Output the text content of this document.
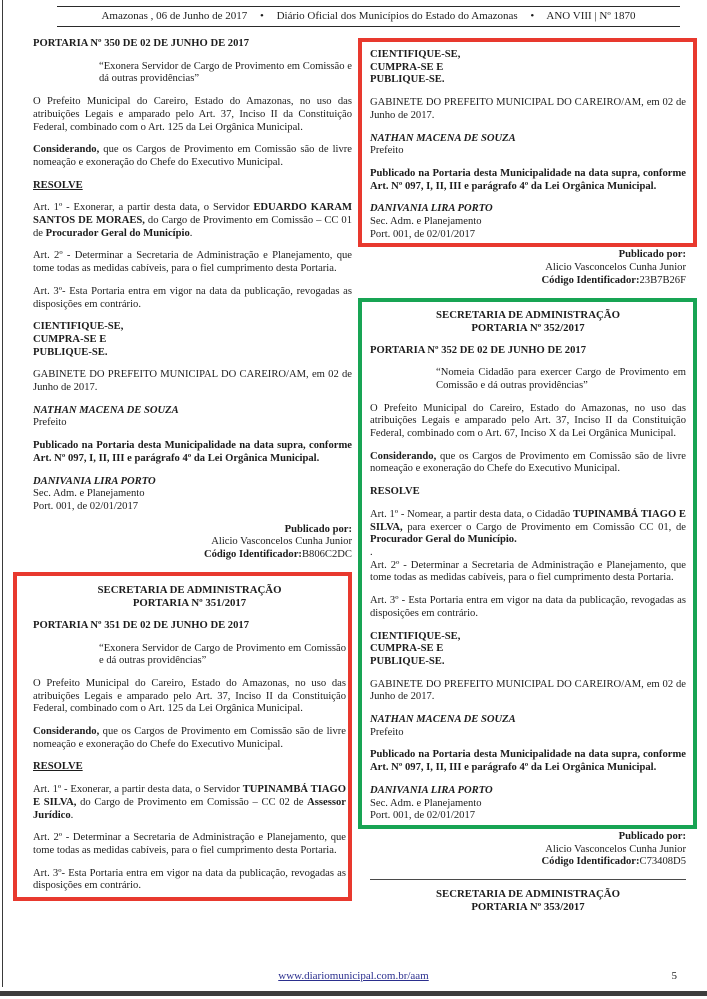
Amazonas , 06 de Junho de 2017 • Diário Oficial dos Municípios do Estado do Amazonas • ANO VIII | Nº 1870

PORTARIA Nº 350 DE 02 DE JUNHO DE 2017

“Exonera Servidor de Cargo de Provimento em Comissão e dá outras providências”

O Prefeito Municipal do Careiro, Estado do Amazonas, no uso das atribuições Legais e amparado pelo Art. 37, Inciso II da Constituição Federal, combinado com o Art. 125 da Lei Orgânica Municipal.

Considerando, que os Cargos de Provimento em Comissão são de livre nomeação e exoneração do Chefe do Executivo Municipal.

RESOLVE

Art. 1º - Exonerar, a partir desta data, o Servidor EDUARDO KARAM SANTOS DE MORAES, do Cargo de Provimento em Comissão – CC 01 de Procurador Geral do Município.

Art. 2º - Determinar a Secretaria de Administração e Planejamento, que tome todas as medidas cabíveis, para o fiel cumprimento desta Portaria.

Art. 3º- Esta Portaria entra em vigor na data da publicação, revogadas as disposições em contrário.

CIENTIFIQUE-SE,
CUMPRA-SE E
PUBLIQUE-SE.

GABINETE DO PREFEITO MUNICIPAL DO CAREIRO/AM, em 02 de Junho de 2017.

NATHAN MACENA DE SOUZA
Prefeito

Publicado na Portaria desta Municipalidade na data supra, conforme Art. Nº 097, I, II, III e parágrafo 4º da Lei Orgânica Municipal.

DANIVANIA LIRA PORTO
Sec. Adm. e Planejamento
Port. 001, de 02/01/2017
Publicado por:
Alicio Vasconcelos Cunha Junior
Código Identificador:B806C2DC
SECRETARIA DE ADMINISTRAÇÃO
PORTARIA Nº 351/2017

PORTARIA Nº 351 DE 02 DE JUNHO DE 2017

“Exonera Servidor de Cargo de Provimento em Comissão e dá outras providências”

O Prefeito Municipal do Careiro, Estado do Amazonas, no uso das atribuições Legais e amparado pelo Art. 37, Inciso II da Constituição Federal, combinado com o Art. 125 da Lei Orgânica Municipal.

Considerando, que os Cargos de Provimento em Comissão são de livre nomeação e exoneração do Chefe do Executivo Municipal.

RESOLVE

Art. 1º - Exonerar, a partir desta data, o Servidor TUPINAMBÁ TIAGO E SILVA, do Cargo de Provimento em Comissão – CC 02 de Assessor Jurídico.

Art. 2º - Determinar a Secretaria de Administração e Planejamento, que tome todas as medidas cabíveis, para o fiel cumprimento desta Portaria.

Art. 3º- Esta Portaria entra em vigor na data da publicação, revogadas as disposições em contrário.

CIENTIFIQUE-SE,
CUMPRA-SE E
PUBLIQUE-SE.

GABINETE DO PREFEITO MUNICIPAL DO CAREIRO/AM, em 02 de Junho de 2017.

NATHAN MACENA DE SOUZA
Prefeito

Publicado na Portaria desta Municipalidade na data supra, conforme Art. Nº 097, I, II, III e parágrafo 4º da Lei Orgânica Municipal.

DANIVANIA LIRA PORTO
Sec. Adm. e Planejamento
Port. 001, de 02/01/2017
Publicado por:
Alicio Vasconcelos Cunha Junior
Código Identificador:23B7B26F
SECRETARIA DE ADMINISTRAÇÃO
PORTARIA Nº 352/2017

PORTARIA Nº 352 DE 02 DE JUNHO DE 2017

“Nomeia Cidadão para exercer Cargo de Provimento em Comissão e dá outras providências”

O Prefeito Municipal do Careiro, Estado do Amazonas, no uso das atribuições Legais e amparado pelo Art. 37, Inciso II da Constituição Federal, combinado com o Art. 67, Inciso X da Lei Orgânica Municipal.

Considerando, que os Cargos de Provimento em Comissão são de livre nomeação e exoneração do Chefe do Executivo Municipal.

RESOLVE

Art. 1º - Nomear, a partir desta data, o Cidadão TUPINAMBÁ TIAGO E SILVA, para exercer o Cargo de Provimento em Comissão CC 01, de Procurador Geral do Município.

.

Art. 2º - Determinar a Secretaria de Administração e Planejamento, que tome todas as medidas cabíveis, para o fiel cumprimento desta Portaria.

Art. 3º - Esta Portaria entra em vigor na data da publicação, revogadas as disposições em contrário.

CIENTIFIQUE-SE,
CUMPRA-SE E
PUBLIQUE-SE.

GABINETE DO PREFEITO MUNICIPAL DO CAREIRO/AM, em 02 de Junho de 2017.

NATHAN MACENA DE SOUZA
Prefeito

Publicado na Portaria desta Municipalidade na data supra, conforme Art. Nº 097, I, II, III e parágrafo 4º da Lei Orgânica Municipal.

DANIVANIA LIRA PORTO
Sec. Adm. e Planejamento
Port. 001, de 02/01/2017
Publicado por:
Alicio Vasconcelos Cunha Junior
Código Identificador:C73408D5
SECRETARIA DE ADMINISTRAÇÃO
PORTARIA Nº 353/2017
www.diariomunicipal.com.br/aam	5
